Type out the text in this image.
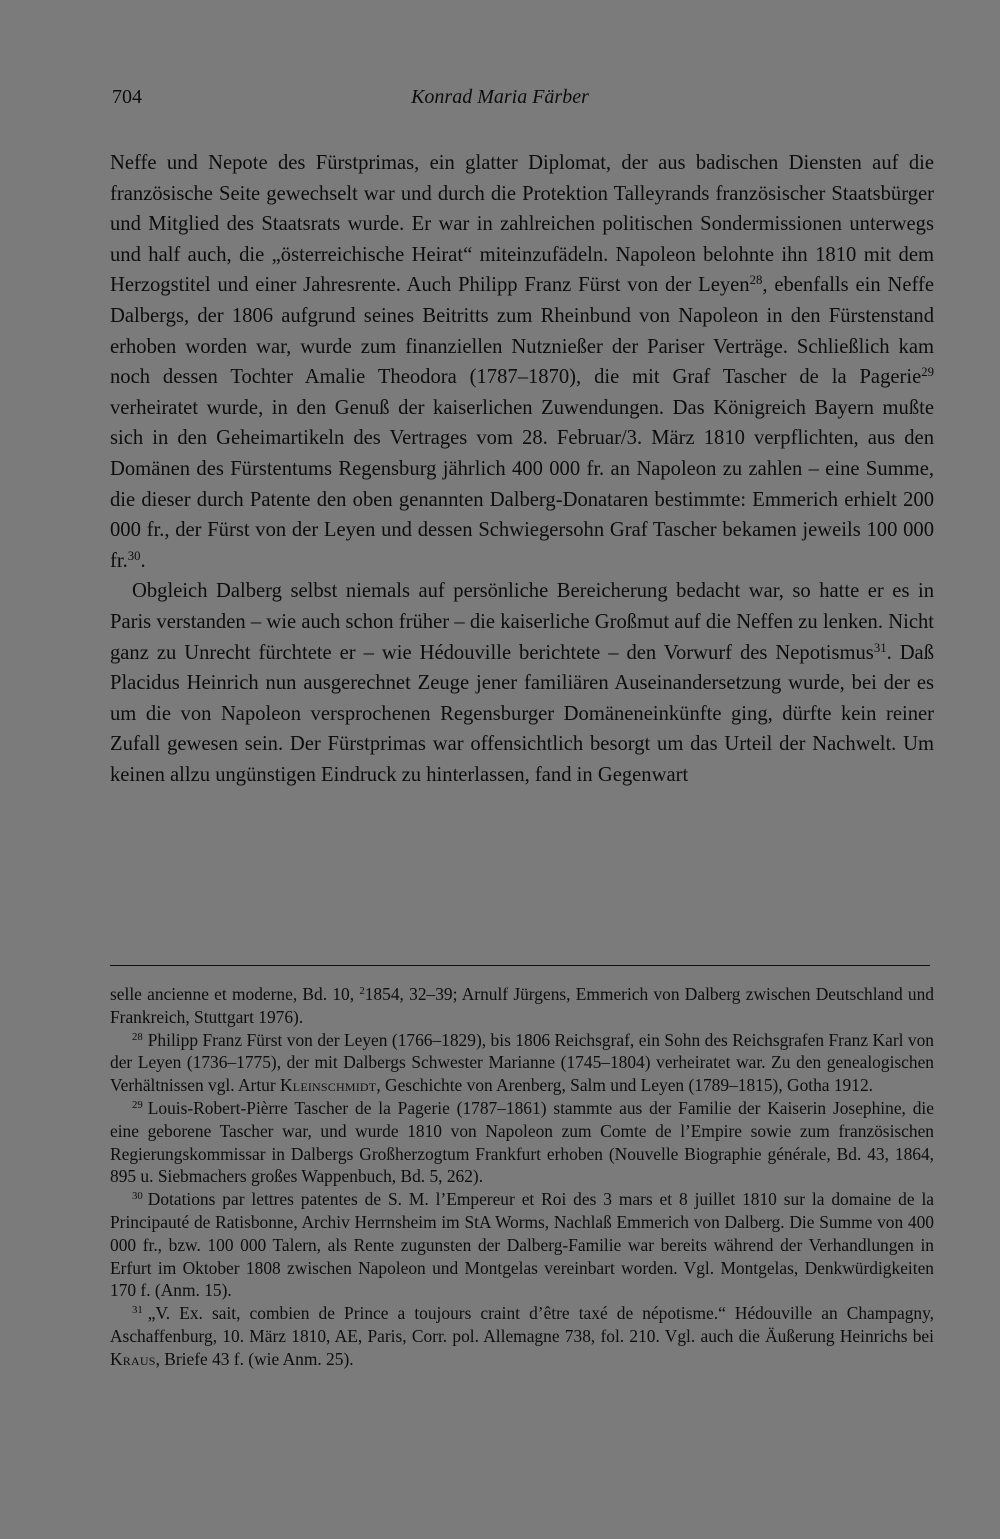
704	Konrad Maria Färber

Neffe und Nepote des Fürstprimas, ein glatter Diplomat, der aus badischen Diensten auf die französische Seite gewechselt war und durch die Protektion Talleyrands französischer Staatsbürger und Mitglied des Staatsrats wurde. Er war in zahlreichen politischen Sondermissionen unterwegs und half auch, die „österreichische Heirat“ miteinzufädeln. Napoleon belohnte ihn 1810 mit dem Herzogstitel und einer Jahresrente. Auch Philipp Franz Fürst von der Leyen$^{28}$, ebenfalls ein Neffe Dalbergs, der 1806 aufgrund seines Beitritts zum Rheinbund von Napoleon in den Fürstenstand erhoben worden war, wurde zum finanziellen Nutznießer der Pariser Verträge. Schließlich kam noch dessen Tochter Amalie Theodora (1787–1870), die mit Graf Tascher de la Pagerie$^{29}$ verheiratet wurde, in den Genuß der kaiserlichen Zuwendungen. Das Königreich Bayern mußte sich in den Geheimartikeln des Vertrages vom 28. Februar/3. März 1810 verpflichten, aus den Domänen des Fürstentums Regensburg jährlich 400 000 fr. an Napoleon zu zahlen – eine Summe, die dieser durch Patente den oben genannten Dalberg-Donataren bestimmte: Emmerich erhielt 200 000 fr., der Fürst von der Leyen und dessen Schwiegersohn Graf Tascher bekamen jeweils 100 000 fr.$^{30}$.

Obgleich Dalberg selbst niemals auf persönliche Bereicherung bedacht war, so hatte er es in Paris verstanden – wie auch schon früher – die kaiserliche Großmut auf die Neffen zu lenken. Nicht ganz zu Unrecht fürchtete er – wie Hédouville berichtete – den Vorwurf des Nepotismus$^{31}$. Daß Placidus Heinrich nun ausgerechnet Zeuge jener familiären Auseinandersetzung wurde, bei der es um die von Napoleon versprochenen Regensburger Domäneneinkünfte ging, dürfte kein reiner Zufall gewesen sein. Der Fürstprimas war offensichtlich besorgt um das Urteil der Nachwelt. Um keinen allzu ungünstigen Eindruck zu hinterlassen, fand in Gegenwart

selle ancienne et moderne, Bd. 10, $^2$1854, 32–39; Arnulf Jürgens, Emmerich von Dalberg zwischen Deutschland und Frankreich, Stuttgart 1976).

$^{28}$ Philipp Franz Fürst von der Leyen (1766–1829), bis 1806 Reichsgraf, ein Sohn des Reichsgrafen Franz Karl von der Leyen (1736–1775), der mit Dalbergs Schwester Marianne (1745–1804) verheiratet war. Zu den genealogischen Verhältnissen vgl. Artur Kleinschmidt, Geschichte von Arenberg, Salm und Leyen (1789–1815), Gotha 1912.

$^{29}$ Louis-Robert-Pièrre Tascher de la Pagerie (1787–1861) stammte aus der Familie der Kaiserin Josephine, die eine geborene Tascher war, und wurde 1810 von Napoleon zum Comte de l’Empire sowie zum französischen Regierungskommissar in Dalbergs Großherzogtum Frankfurt erhoben (Nouvelle Biographie générale, Bd. 43, 1864, 895 u. Siebmachers großes Wappenbuch, Bd. 5, 262).

$^{30}$ Dotations par lettres patentes de S. M. l’Empereur et Roi des 3 mars et 8 juillet 1810 sur la domaine de la Principauté de Ratisbonne, Archiv Herrnsheim im StA Worms, Nachlaß Emmerich von Dalberg. Die Summe von 400 000 fr., bzw. 100 000 Talern, als Rente zugunsten der Dalberg-Familie war bereits während der Verhandlungen in Erfurt im Oktober 1808 zwischen Napoleon und Montgelas vereinbart worden. Vgl. Montgelas, Denkwürdigkeiten 170 f. (Anm. 15).

$^{31}$ „V. Ex. sait, combien de Prince a toujours craint d’être taxé de népotisme.“ Hédouville an Champagny, Aschaffenburg, 10. März 1810, AE, Paris, Corr. pol. Allemagne 738, fol. 210. Vgl. auch die Äußerung Heinrichs bei Kraus, Briefe 43 f. (wie Anm. 25).
